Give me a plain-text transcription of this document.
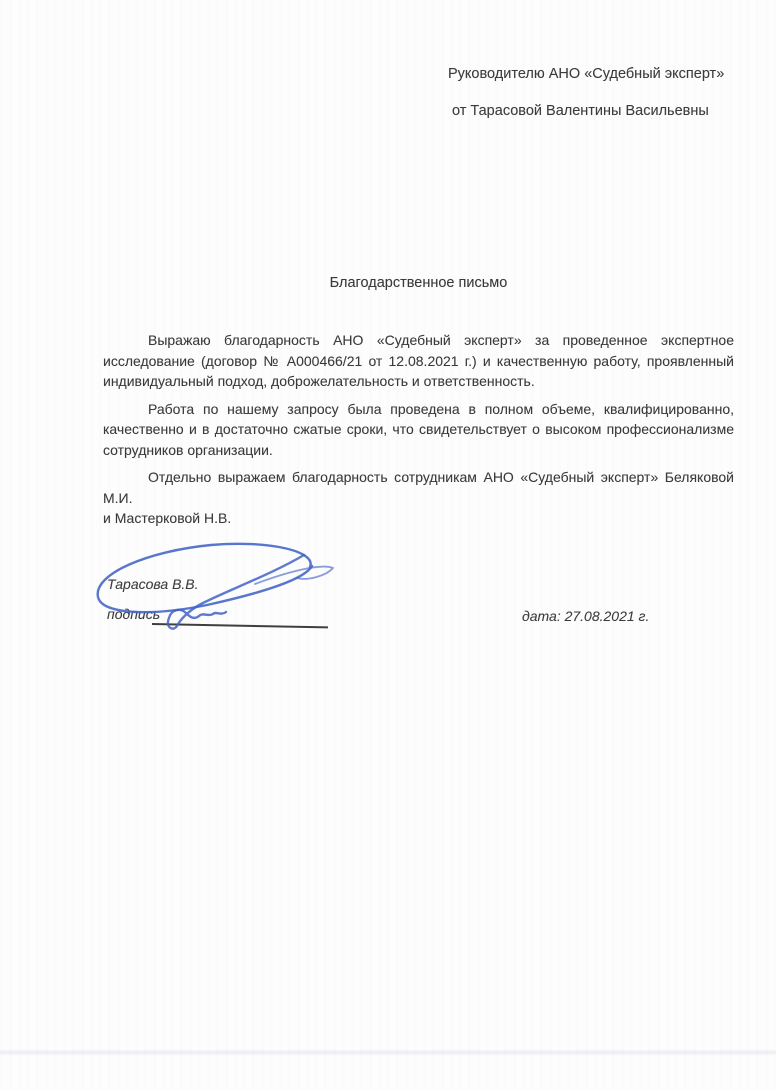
Руководителю АНО «Судебный эксперт»
от Тарасовой Валентины Васильевны
Благодарственное письмо
Выражаю благодарность АНО «Судебный эксперт» за проведенное экспертное
исследование (договор № А000466/21 от 12.08.2021 г.) и качественную работу, проявленный
индивидуальный подход, доброжелательность и ответственность.
Работа по нашему запросу была проведена в полном объеме, квалифицированно,
качественно и в достаточно сжатые сроки, что свидетельствует о высоком профессионализме
сотрудников организации.
Отдельно выражаем благодарность сотрудникам АНО «Судебный эксперт» Беляковой М.И.
и Мастерковой Н.В.
Тарасова В.В.
подпись	дата: 27.08.2021 г.
